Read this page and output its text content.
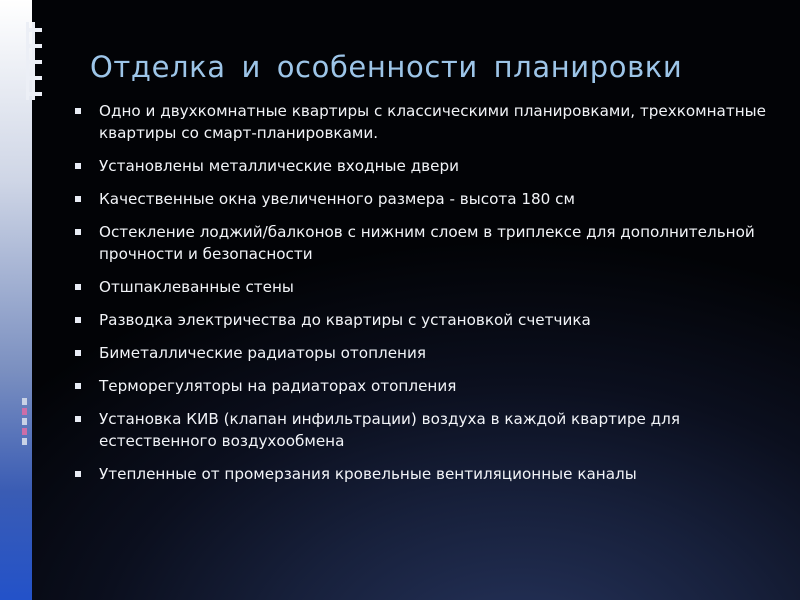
Отделка и особенности планировки
Одно и двухкомнатные квартиры с классическими планировками, трехкомнатные квартиры со смарт-планировками.
Установлены металлические входные двери
Качественные окна увеличенного размера - высота 180 см
Остекление лоджий/балконов с нижним слоем в триплексе для дополнительной прочности и безопасности
Отшпаклеванные стены
Разводка электричества до квартиры с установкой счетчика
Биметаллические радиаторы отопления
Терморегуляторы на радиаторах отопления
Установка КИВ (клапан инфильтрации) воздуха в каждой квартире для естественного воздухообмена
Утепленные от промерзания кровельные вентиляционные каналы
